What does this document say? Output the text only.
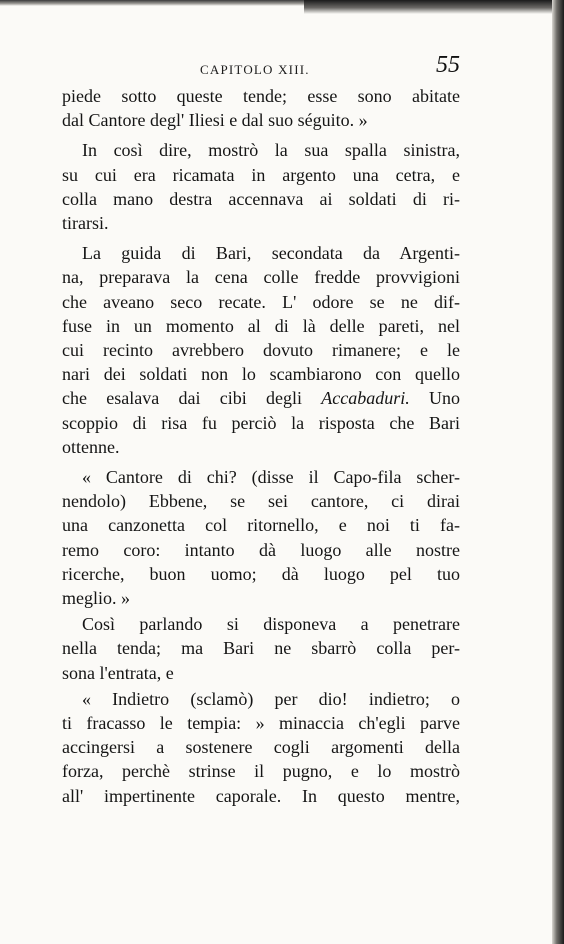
CAPITOLO XIII.	55

piede sotto queste tende; esse sono abitate
dal Cantore degl' Iliesi e dal suo séguito. »

In così dire, mostrò la sua spalla sinistra,
su cui era ricamata in argento una cetra, e
colla mano destra accennava ai soldati di ri-
tirarsi.

La guida di Bari, secondata da Argenti-
na, preparava la cena colle fredde provvigioni
che aveano seco recate. L' odore se ne dif-
fuse in un momento al di là delle pareti, nel
cui recinto avrebbero dovuto rimanere; e le
nari dei soldati non lo scambiarono con quello
che esalava dai cibi degli Accabaduri. Uno
scoppio di risa fu perciò la risposta che Bari
ottenne.

« Cantore di chi? (disse il Capo-fila scher-
nendolo) Ebbene, se sei cantore, ci dirai
una canzonetta col ritornello, e noi ti fa-
remo coro: intanto dà luogo alle nostre
ricerche, buon uomo; dà luogo pel tuo
meglio. »

Così parlando si disponeva a penetrare
nella tenda; ma Bari ne sbarrò colla per-
sona l'entrata, e

« Indietro (sclamò) per dio! indietro; o
ti fracasso le tempia: » minaccia ch'egli parve
accingersi a sostenere cogli argomenti della
forza, perchè strinse il pugno, e lo mostrò
all' impertinente caporale. In questo mentre,
